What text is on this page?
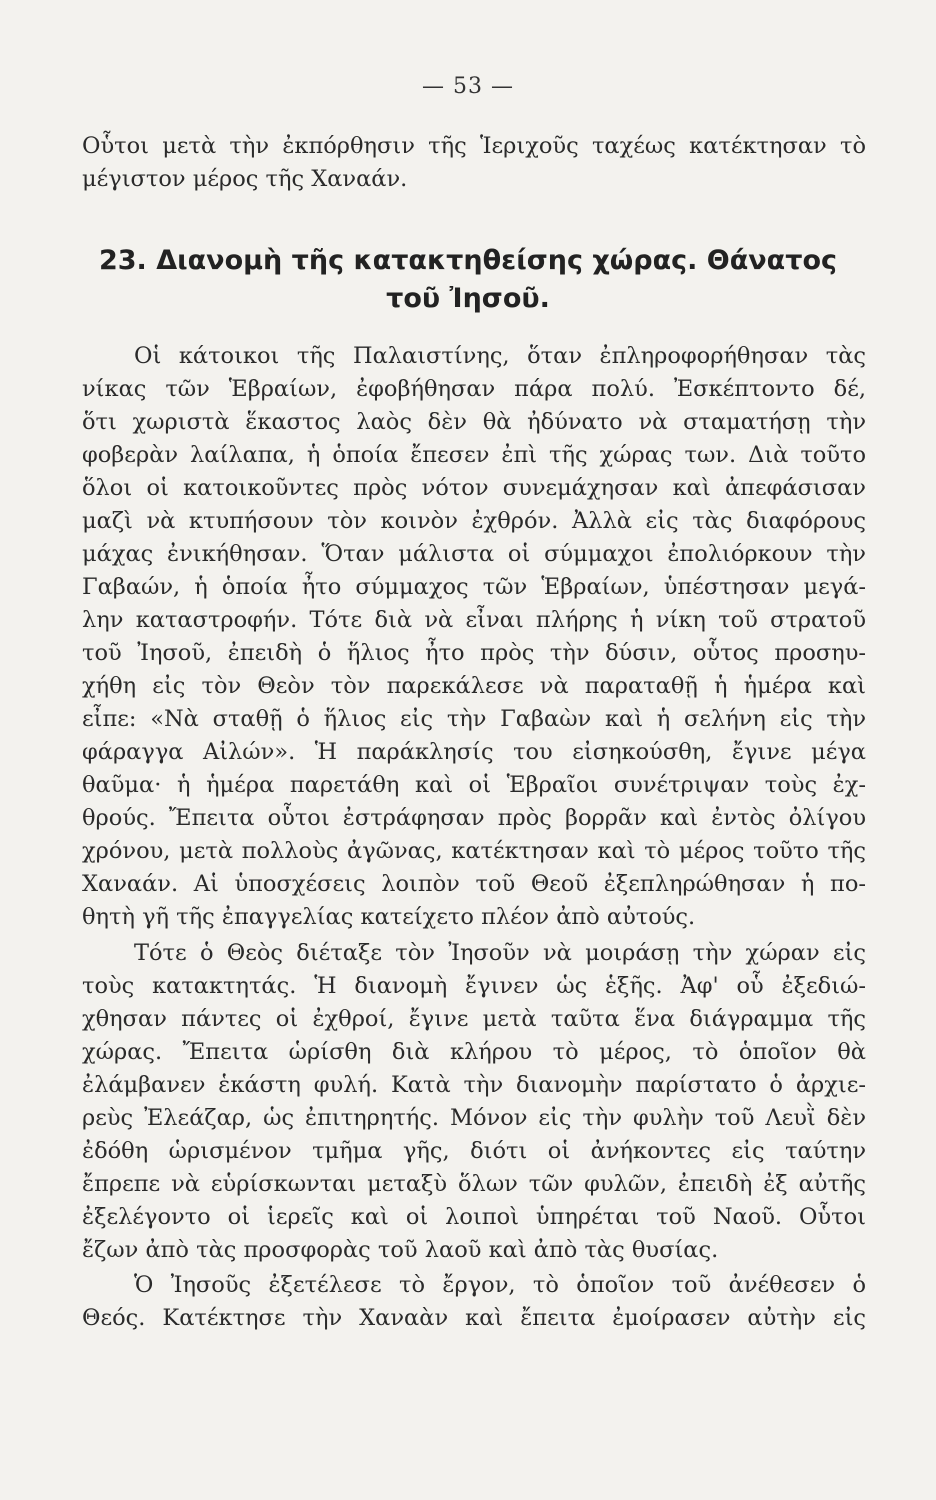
— 53 —
Οὗτοι μετὰ τὴν ἐκπόρθησιν τῆς Ἱεριχοῦς ταχέως κατέκτησαν τὸ
μέγιστον μέρος τῆς Χαναάν.
23. Διανομὴ τῆς κατακτηθείσης χώρας. Θάνατος
τοῦ Ἰησοῦ.
Οἱ κάτοικοι τῆς Παλαιστίνης, ὅταν ἐπληροφορήθησαν τὰς
νίκας τῶν Ἑβραίων, ἐφοβήθησαν πάρα πολύ. Ἐσκέπτοντο δέ,
ὅτι χωριστὰ ἕκαστος λαὸς δὲν θὰ ἠδύνατο νὰ σταματήσῃ τὴν
φοβερὰν λαίλαπα, ἡ ὁποία ἔπεσεν ἐπὶ τῆς χώρας των. Διὰ τοῦτο
ὅλοι οἱ κατοικοῦντες πρὸς νότον συνεμάχησαν καὶ ἀπεφάσισαν
μαζὶ νὰ κτυπήσουν τὸν κοινὸν ἐχθρόν. Ἀλλὰ εἰς τὰς διαφόρους
μάχας ἐνικήθησαν. Ὅταν μάλιστα οἱ σύμμαχοι ἐπολιόρκουν τὴν
Γαβαών, ἡ ὁποία ἦτο σύμμαχος τῶν Ἑβραίων, ὑπέστησαν μεγά-
λην καταστροφήν. Τότε διὰ νὰ εἶναι πλήρης ἡ νίκη τοῦ στρατοῦ
τοῦ Ἰησοῦ, ἐπειδὴ ὁ ἥλιος ἦτο πρὸς τὴν δύσιν, οὗτος προσηυ-
χήθη εἰς τὸν Θεὸν τὸν παρεκάλεσε νὰ παραταθῇ ἡ ἡμέρα καὶ
εἶπε: «Νὰ σταθῇ ὁ ἥλιος εἰς τὴν Γαβαὼν καὶ ἡ σελήνη εἰς τὴν
φάραγγα Αἰλών». Ἡ παράκλησίς του εἰσηκούσθη, ἔγινε μέγα
θαῦμα· ἡ ἡμέρα παρετάθη καὶ οἱ Ἑβραῖοι συνέτριψαν τοὺς ἐχ-
θρούς. Ἔπειτα οὗτοι ἐστράφησαν πρὸς βορρᾶν καὶ ἐντὸς ὀλίγου
χρόνου, μετὰ πολλοὺς ἀγῶνας, κατέκτησαν καὶ τὸ μέρος τοῦτο τῆς
Χαναάν. Αἱ ὑποσχέσεις λοιπὸν τοῦ Θεοῦ ἐξεπληρώθησαν ἡ πο-
θητὴ γῆ τῆς ἐπαγγελίας κατείχετο πλέον ἀπὸ αὐτούς.
Τότε ὁ Θεὸς διέταξε τὸν Ἰησοῦν νὰ μοιράσῃ τὴν χώραν εἰς
τοὺς κατακτητάς. Ἡ διανομὴ ἔγινεν ὡς ἑξῆς. Ἀφ' οὗ ἐξεδιώ-
χθησαν πάντες οἱ ἐχθροί, ἔγινε μετὰ ταῦτα ἕνα διάγραμμα τῆς
χώρας. Ἔπειτα ὡρίσθη διὰ κλήρου τὸ μέρος, τὸ ὁποῖον θὰ
ἐλάμβανεν ἑκάστη φυλή. Κατὰ τὴν διανομὴν παρίστατο ὁ ἀρχιε-
ρεὺς Ἐλεάζαρ, ὡς ἐπιτηρητής. Μόνον εἰς τὴν φυλὴν τοῦ Λευῒ δὲν
ἐδόθη ὡρισμένον τμῆμα γῆς, διότι οἱ ἀνήκοντες εἰς ταύτην
ἔπρεπε νὰ εὑρίσκωνται μεταξὺ ὅλων τῶν φυλῶν, ἐπειδὴ ἐξ αὐτῆς
ἐξελέγοντο οἱ ἱερεῖς καὶ οἱ λοιποὶ ὑπηρέται τοῦ Ναοῦ. Οὗτοι
ἔζων ἀπὸ τὰς προσφορὰς τοῦ λαοῦ καὶ ἀπὸ τὰς θυσίας.
Ὁ Ἰησοῦς ἐξετέλεσε τὸ ἔργον, τὸ ὁποῖον τοῦ ἀνέθεσεν ὁ
Θεός. Κατέκτησε τὴν Χαναὰν καὶ ἔπειτα ἐμοίρασεν αὐτὴν εἰς
